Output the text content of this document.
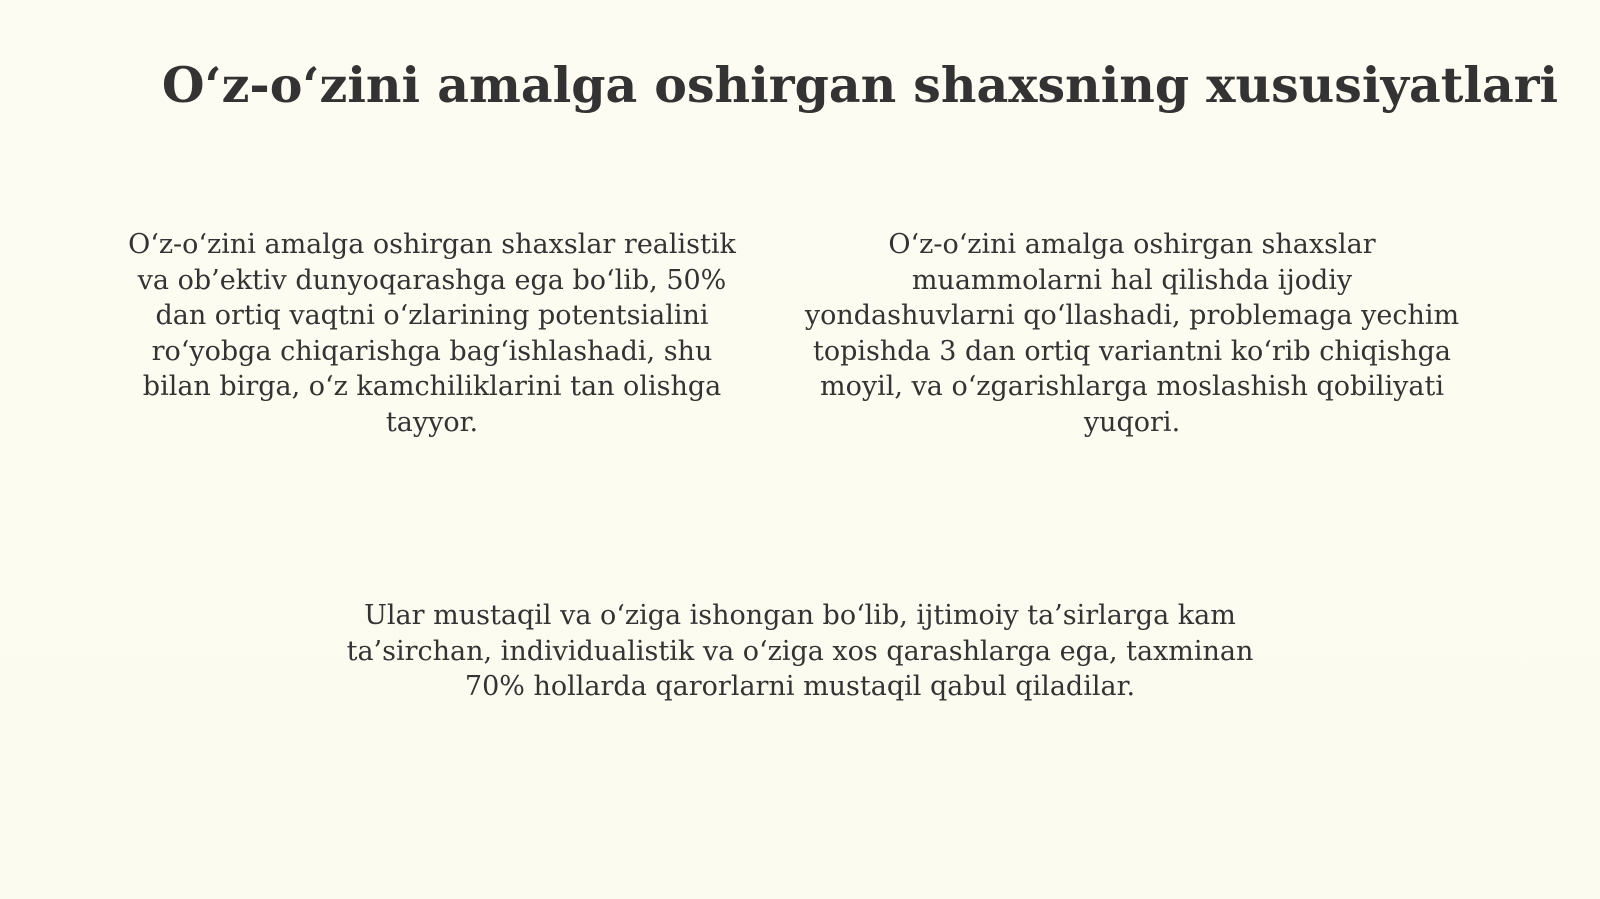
O‘z-o‘zini amalga oshirgan shaxsning xususiyatlari

O‘z-o‘zini amalga oshirgan shaxslar realistik
va ob’ektiv dunyoqarashga ega bo‘lib, 50%
dan ortiq vaqtni o‘zlarining potentsialini
ro‘yobga chiqarishga bag‘ishlashadi, shu
bilan birga, o‘z kamchiliklarini tan olishga
tayyor.

O‘z-o‘zini amalga oshirgan shaxslar
muammolarni hal qilishda ijodiy
yondashuvlarni qo‘llashadi, problemaga yechim
topishda 3 dan ortiq variantni ko‘rib chiqishga
moyil, va o‘zgarishlarga moslashish qobiliyati
yuqori.

Ular mustaqil va o‘ziga ishongan bo‘lib, ijtimoiy ta’sirlarga kam
ta’sirchan, individualistik va o‘ziga xos qarashlarga ega, taxminan
70% hollarda qarorlarni mustaqil qabul qiladilar.
